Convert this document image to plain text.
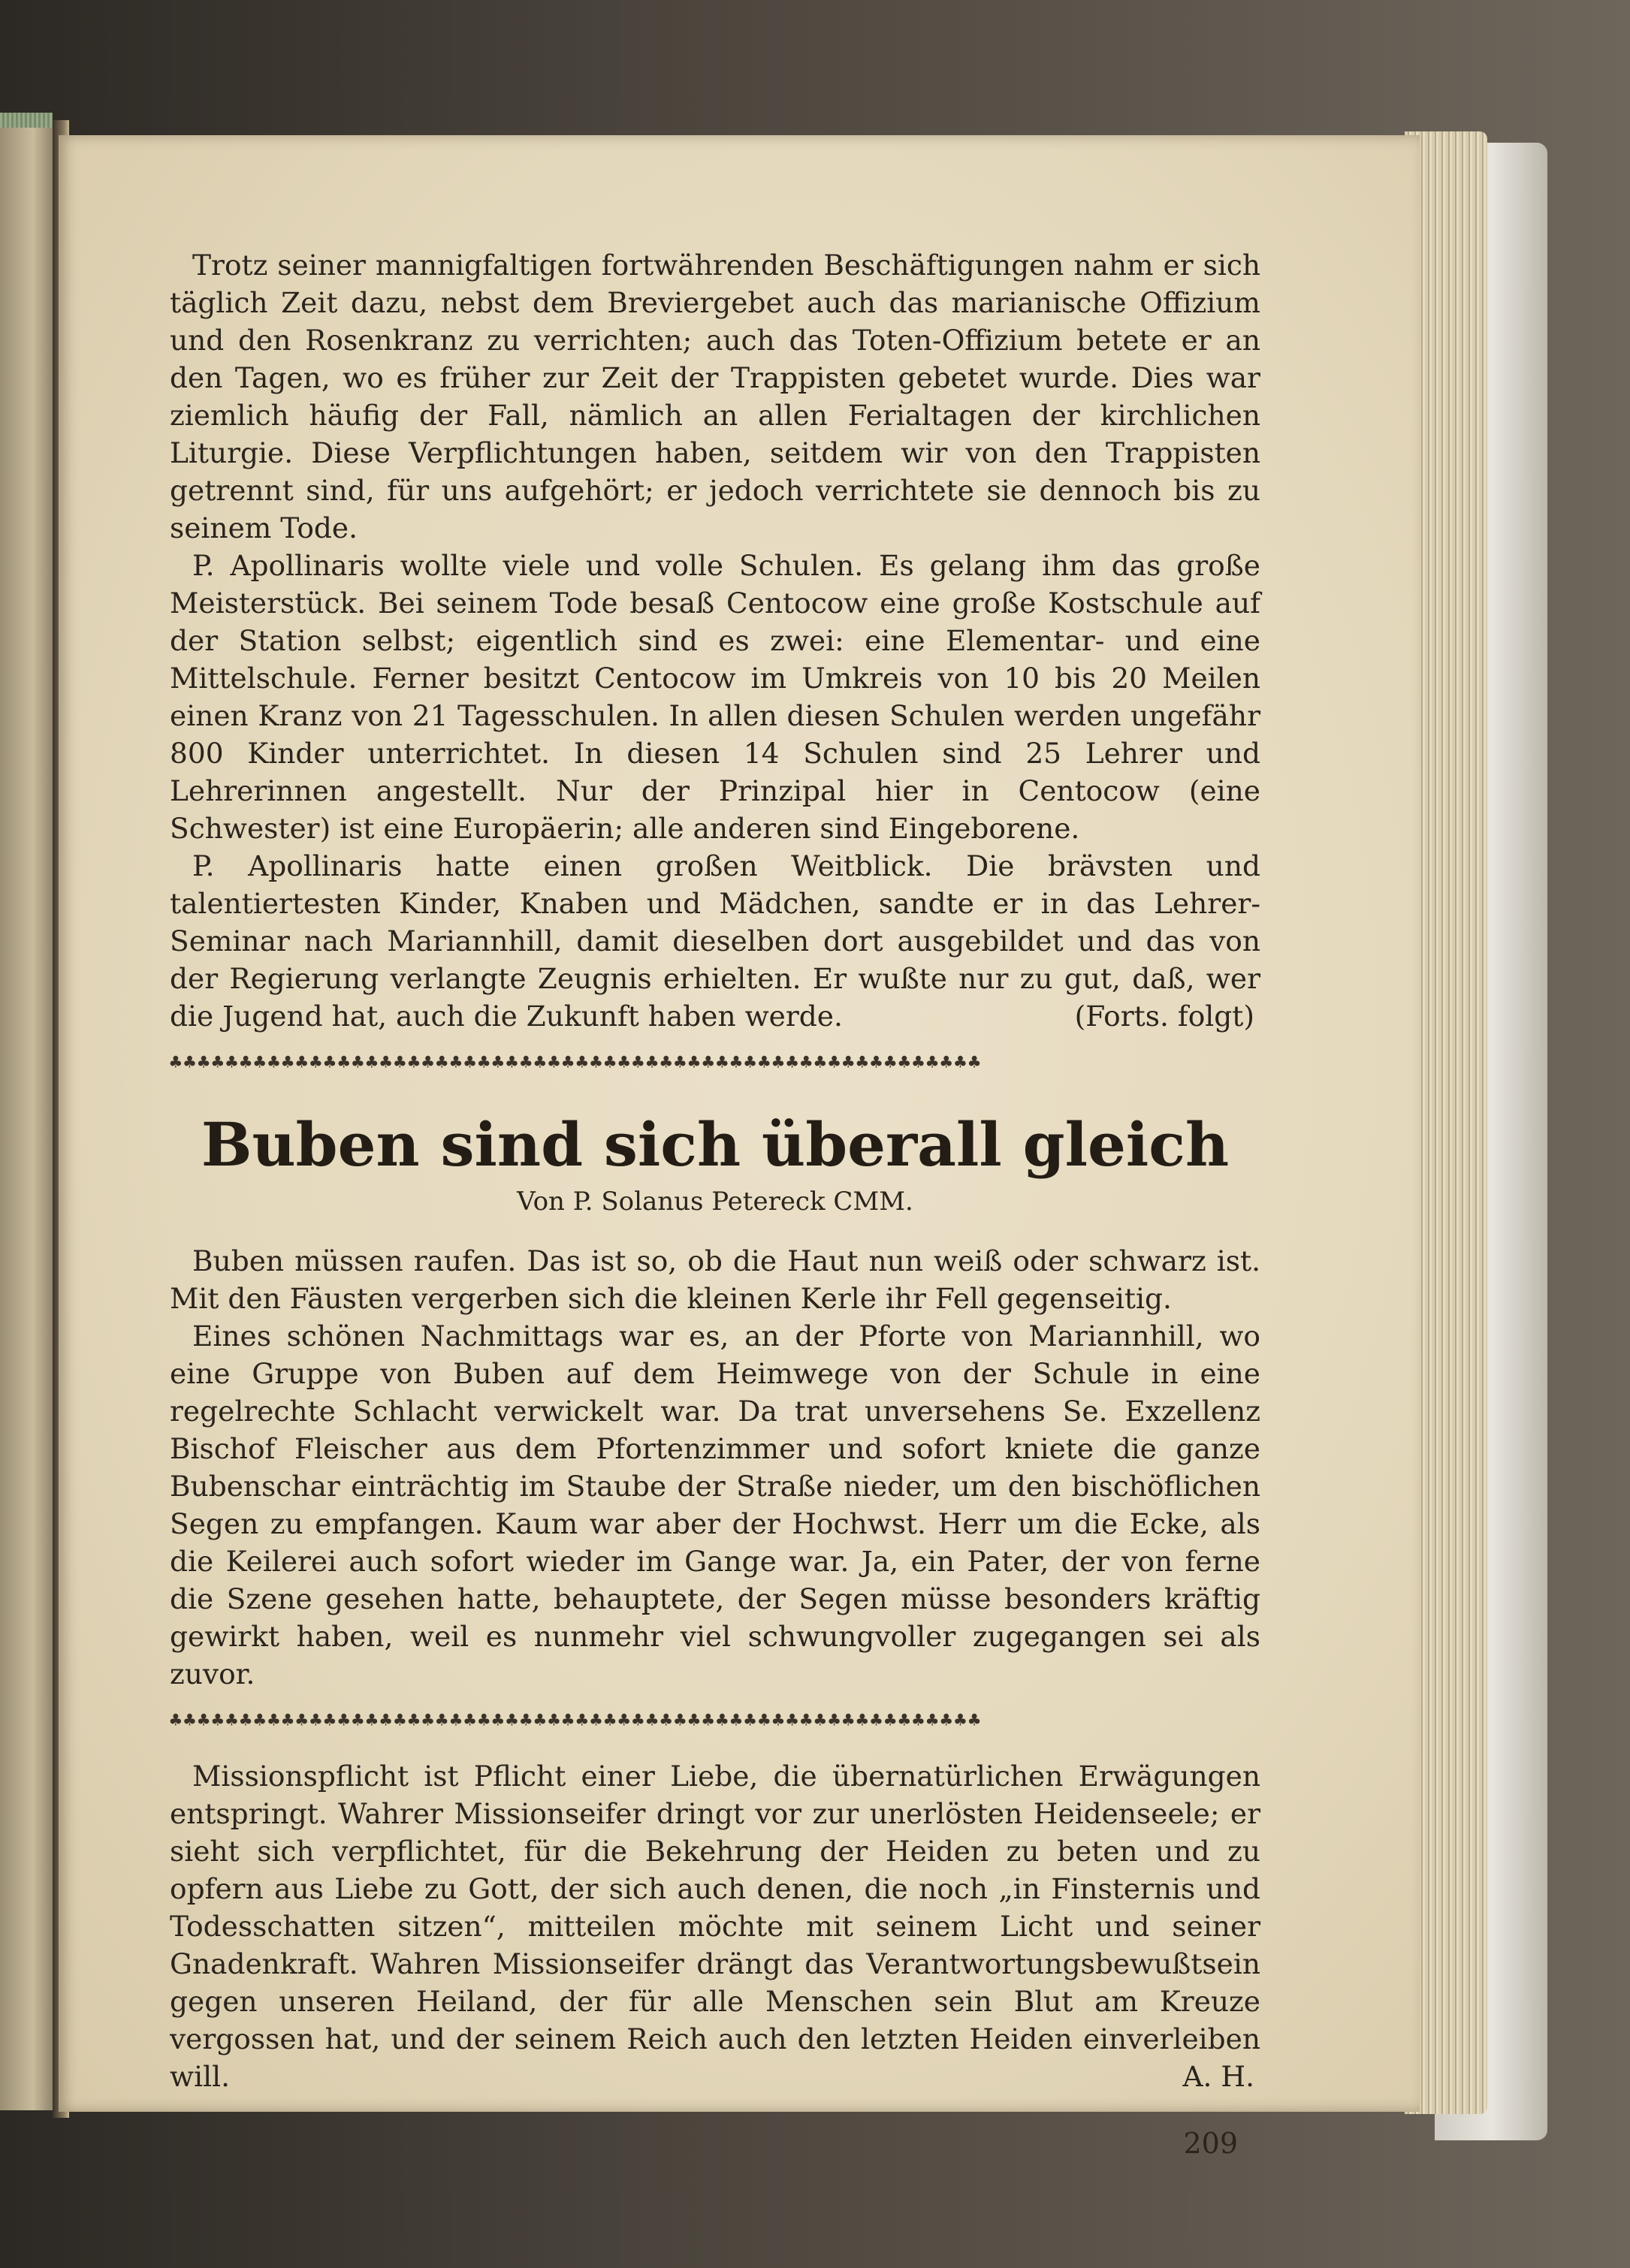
Trotz seiner mannigfaltigen fortwährenden Beschäftigungen nahm er sich täglich Zeit dazu, nebst dem Breviergebet auch das marianische Offizium und den Rosenkranz zu verrichten; auch das Toten-Offizium betete er an den Tagen, wo es früher zur Zeit der Trappisten gebetet wurde. Dies war ziemlich häufig der Fall, nämlich an allen Ferialtagen der kirchlichen Liturgie. Diese Verpflichtungen haben, seitdem wir von den Trappisten getrennt sind, für uns aufgehört; er jedoch verrichtete sie dennoch bis zu seinem Tode.

P. Apollinaris wollte viele und volle Schulen. Es gelang ihm das große Meisterstück. Bei seinem Tode besaß Centocow eine große Kostschule auf der Station selbst; eigentlich sind es zwei: eine Elementar- und eine Mittelschule. Ferner besitzt Centocow im Umkreis von 10 bis 20 Meilen einen Kranz von 21 Tagesschulen. In allen diesen Schulen werden ungefähr 800 Kinder unterrichtet. In diesen 14 Schulen sind 25 Lehrer und Lehrerinnen angestellt. Nur der Prinzipal hier in Centocow (eine Schwester) ist eine Europäerin; alle anderen sind Eingeborene.

P. Apollinaris hatte einen großen Weitblick. Die brävsten und talentiertesten Kinder, Knaben und Mädchen, sandte er in das Lehrer-Seminar nach Mariannhill, damit dieselben dort ausgebildet und das von der Regierung verlangte Zeugnis erhielten. Er wußte nur zu gut, daß, wer die Jugend hat, auch die Zukunft haben werde.	(Forts. folgt)

♣♣♣♣♣♣♣♣♣♣♣♣♣♣♣♣♣♣♣♣♣♣♣♣♣♣♣♣♣♣♣♣♣♣♣♣♣♣♣♣♣♣♣♣♣♣♣♣♣♣♣♣♣♣♣♣♣♣
Buben sind sich überall gleich
Von P. Solanus Petereck CMM.

Buben müssen raufen. Das ist so, ob die Haut nun weiß oder schwarz ist. Mit den Fäusten vergerben sich die kleinen Kerle ihr Fell gegenseitig.

Eines schönen Nachmittags war es, an der Pforte von Mariannhill, wo eine Gruppe von Buben auf dem Heimwege von der Schule in eine regelrechte Schlacht verwickelt war. Da trat unversehens Se. Exzellenz Bischof Fleischer aus dem Pfortenzimmer und sofort kniete die ganze Bubenschar einträchtig im Staube der Straße nieder, um den bischöflichen Segen zu empfangen. Kaum war aber der Hochwst. Herr um die Ecke, als die Keilerei auch sofort wieder im Gange war. Ja, ein Pater, der von ferne die Szene gesehen hatte, behauptete, der Segen müsse besonders kräftig gewirkt haben, weil es nunmehr viel schwungvoller zugegangen sei als zuvor.

♣♣♣♣♣♣♣♣♣♣♣♣♣♣♣♣♣♣♣♣♣♣♣♣♣♣♣♣♣♣♣♣♣♣♣♣♣♣♣♣♣♣♣♣♣♣♣♣♣♣♣♣♣♣♣♣♣♣

Missionspflicht ist Pflicht einer Liebe, die übernatürlichen Erwägungen entspringt. Wahrer Missionseifer dringt vor zur unerlösten Heidenseele; er sieht sich verpflichtet, für die Bekehrung der Heiden zu beten und zu opfern aus Liebe zu Gott, der sich auch denen, die noch „in Finsternis und Todesschatten sitzen“, mitteilen möchte mit seinem Licht und seiner Gnadenkraft. Wahren Missionseifer drängt das Verantwortungsbewußtsein gegen unseren Heiland, der für alle Menschen sein Blut am Kreuze vergossen hat, und der seinem Reich auch den letzten Heiden einverleiben will.	A. H.

209
